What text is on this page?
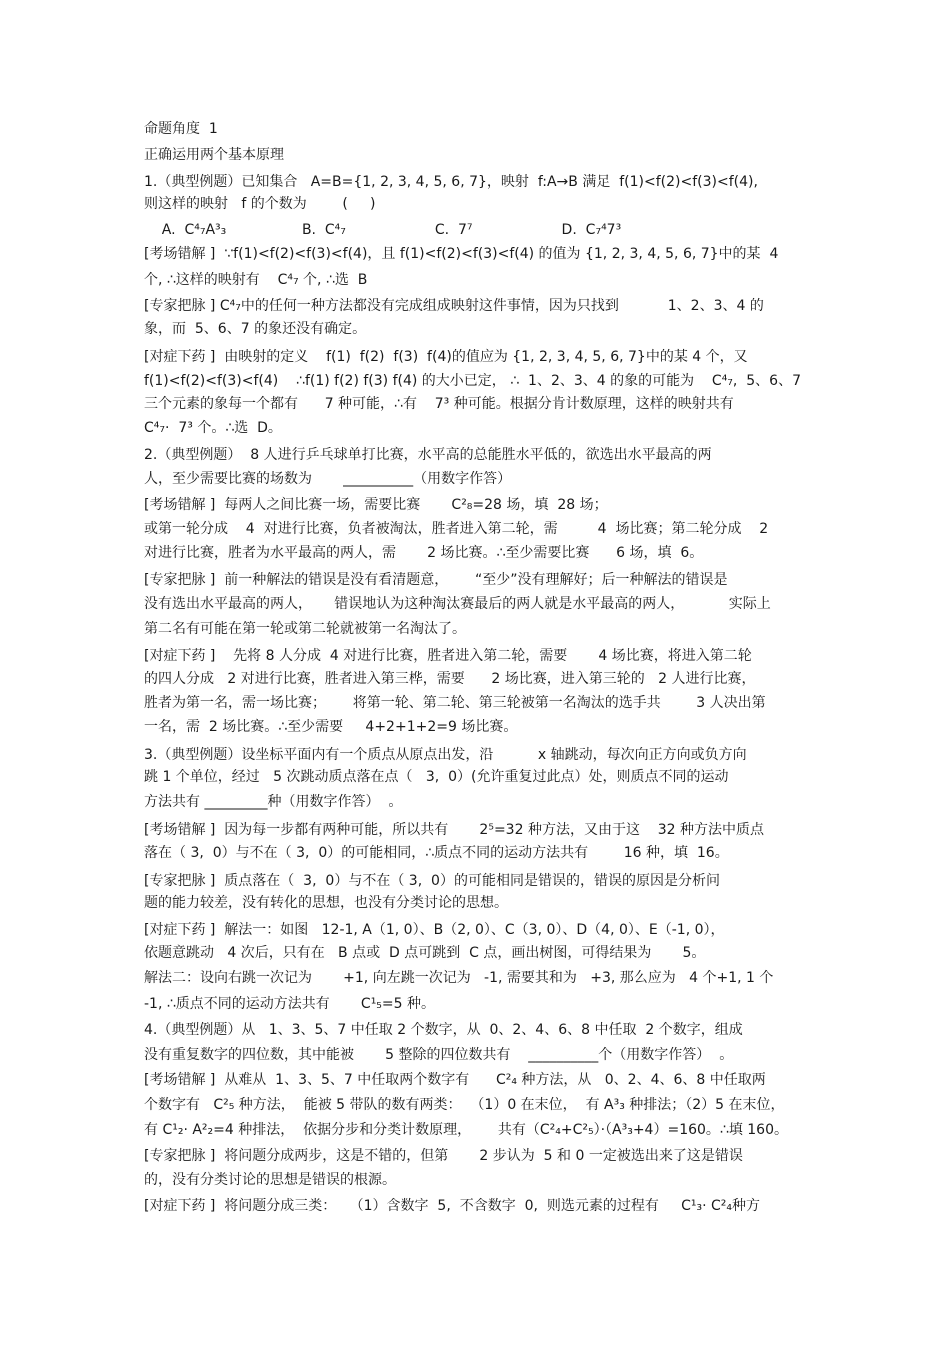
命题角度  1
正确运用两个基本原理
1.（典型例题）已知集合   A=B={1, 2, 3, 4, 5, 6, 7}，映射  f:A→B 满足  f(1)<f(2)<f(3)<f(4),
则这样的映射   f 的个数为        (     )
A.  C⁴₇A³₃                 B.  C⁴₇                    C.  7⁷                    D.  C₇⁴7³
[考场错解 ]  ∵f(1)<f(2)<f(3)<f(4)，且 f(1)<f(2)<f(3)<f(4) 的值为 {1, 2, 3, 4, 5, 6, 7}中的某  4
个, ∴这样的映射有    C⁴₇ 个, ∴选  B
[专家把脉 ] C⁴₇中的任何一种方法都没有完成组成映射这件事情，因为只找到           1、2、3、4 的
象，而  5、6、7 的象还没有确定。
[对症下药 ]  由映射的定义    f(1)  f(2)  f(3)  f(4)的值应为 {1, 2, 3, 4, 5, 6, 7}中的某 4 个，又
f(1)<f(2)<f(3)<f(4)    ∴f(1) f(2) f(3) f(4) 的大小已定， ∴  1、2、3、4 的象的可能为    C⁴₇,  5、6、7
三个元素的象每一个都有      7 种可能，∴有    7³ 种可能。根据分肯计数原理，这样的映射共有
C⁴₇·  7³ 个。∴选  D。
2.（典型例题）  8 人进行乒乓球单打比赛，水平高的总能胜水平低的，欲选出水平最高的两
人，至少需要比赛的场数为       __________（用数字作答）
[考场错解 ]  每两人之间比赛一场，需要比赛       C²₈=28 场，填  28 场；
或第一轮分成    4  对进行比赛，负者被淘汰，胜者进入第二轮，需         4  场比赛；第二轮分成    2
对进行比赛，胜者为水平最高的两人，需       2 场比赛。∴至少需要比赛      6 场，填  6。
[专家把脉 ]  前一种解法的错误是没有看清题意，      “至少”没有理解好；后一种解法的错误是
没有选出水平最高的两人，     错误地认为这种淘汰赛最后的两人就是水平最高的两人，          实际上
第二名有可能在第一轮或第二轮就被第一名淘汰了。
[对症下药 ]    先将 8 人分成  4 对进行比赛，胜者进入第二轮，需要       4 场比赛，将进入第二轮
的四人分成   2 对进行比赛，胜者进入第三桦，需要      2 场比赛，进入第三轮的   2 人进行比赛，
胜者为第一名，需一场比赛；      将第一轮、第二轮、第三轮被第一名淘汰的选手共        3 人决出第
一名，需  2 场比赛。∴至少需要     4+2+1+2=9 场比赛。
3.（典型例题）设坐标平面内有一个质点从原点出发，沿          x 轴跳动，每次向正方向或负方向
跳 1 个单位，经过   5 次跳动质点落在点（   3,  0）(允许重复过此点）处，则质点不同的运动
方法共有 _________种（用数字作答）  。
[考场错解 ]  因为每一步都有两种可能，所以共有       2⁵=32 种方法，又由于这    32 种方法中质点
落在（ 3,  0）与不在（ 3,  0）的可能相同，∴质点不同的运动方法共有        16 种，填  16。
[专家把脉 ]  质点落在（  3,  0）与不在（ 3,  0）的可能相同是错误的，错误的原因是分析问
题的能力较差，没有转化的思想，也没有分类讨论的思想。
[对症下药 ]  解法一：如图   12-1, A（1, 0）、B（2, 0）、C（3, 0）、D（4, 0）、E（-1, 0），
依题意跳动   4 次后，只有在   B 点或  D 点可跳到  C 点，画出树图，可得结果为       5。
解法二：设向右跳一次记为       +1, 向左跳一次记为   -1, 需要其和为   +3, 那么应为   4 个+1, 1 个
-1, ∴质点不同的运动方法共有       C¹₅=5 种。
4.（典型例题）从   1、3、5、7 中任取 2 个数字，从  0、2、4、6、8 中任取  2 个数字，组成
没有重复数字的四位数，其中能被       5 整除的四位数共有    __________个（用数字作答）  。
[考场错解 ]  从难从  1、3、5、7 中任取两个数字有      C²₄ 种方法，从   0、2、4、6、8 中任取两
个数字有   C²₅ 种方法，  能被 5 带队的数有两类：  （1）0 在末位，  有 A³₃ 种排法；（2）5 在末位，
有 C¹₂· A²₂=4 种排法，  依据分步和分类计数原理，      共有（C²₄+C²₅）·（A³₃+4）=160。∴填 160。
[专家把脉 ]  将问题分成两步，这是不错的，但第       2 步认为  5 和 0 一定被选出来了这是错误
的，没有分类讨论的思想是错误的根源。
[对症下药 ]  将问题分成三类：   （1）含数字  5,  不含数字  0,  则选元素的过程有     C¹₃· C²₄种方
